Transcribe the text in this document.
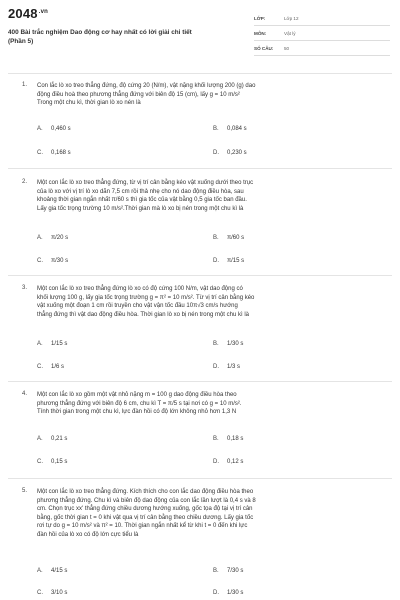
$2048^{.vn}$
400 Bài trắc nghiệm Dao động cơ hay nhất có lời giải chi tiết (Phần 5)
LỚP:	Lớp 12
MÔN:	Vật lý
SỐ CÂU: 50
1. Con lắc lò xo treo thẳng đứng, độ cứng 20 (N/m), vật nặng khối lượng 200 (g) dao
động điều hoà theo phương thẳng đứng với biên độ 15 (cm), lấy g = 10 m/s²
Trong một chu kì, thời gian lò xo nén là
A. 0,460 s	B. 0,084 s
C. 0,168 s	D. 0,230 s
2. Một con lắc lò xo treo thẳng đứng, từ vị trí cân bằng kéo vật xuống dưới theo trục
của lò xo với vị trí lò xo dãn 7,5 cm rồi thả nhẹ cho nó dao động điều hòa, sau
khoảng thời gian ngắn nhất π/60 s thì gia tốc của vật bằng 0,5 gia tốc ban đầu.
Lấy gia tốc trọng trường 10 m/s².Thời gian mà lò xo bị nén trong một chu kì là
A. π/20 s	B. π/60 s
C. π/30 s	D. π/15 s
3. Một con lắc lò xo treo thẳng đứng lò xo có độ cứng 100 N/m, vật dao động có
khối lượng 100 g, lấy gia tốc trọng trường g = π² = 10 m/s². Từ vị trí cân bằng kéo
vật xuống một đoạn 1 cm rồi truyền cho vật vận tốc đầu 10π√3 cm/s hướng
thẳng đứng thì vật dao động điều hòa. Thời gian lò xo bị nén trong một chu kì là
A. 1/15 s	B. 1/30 s
C. 1/6 s	D. 1/3 s
4. Một con lắc lò xo gồm một vật nhỏ nặng m = 100 g dao động điều hòa theo
phương thẳng đứng với biên độ 6 cm, chu kì T = π/5 s tại nơi có g = 10 m/s².
Tính thời gian trong một chu kì, lực đàn hồi có độ lớn không nhỏ hơn 1,3 N
A. 0,21 s	B. 0,18 s
C. 0,15 s	D. 0,12 s
5. Một con lắc lò xo treo thẳng đứng. Kích thích cho con lắc dao động điều hòa theo
phương thẳng đứng. Chu kì và biên độ dao động của con lắc lần lượt là 0,4 s và 8
cm. Chọn trục xx' thẳng đứng chiều dương hướng xuống, gốc tọa độ tại vị trí cân
bằng, gốc thời gian t = 0 khi vật qua vị trí cân bằng theo chiều dương. Lấy gia tốc
rơi tự do g = 10 m/s² và π² = 10. Thời gian ngắn nhất kể từ khi t = 0 đến khi lực
đàn hồi của lò xo có độ lớn cực tiểu là
A. 4/15 s	B. 7/30 s
C. 3/10 s	D. 1/30 s
